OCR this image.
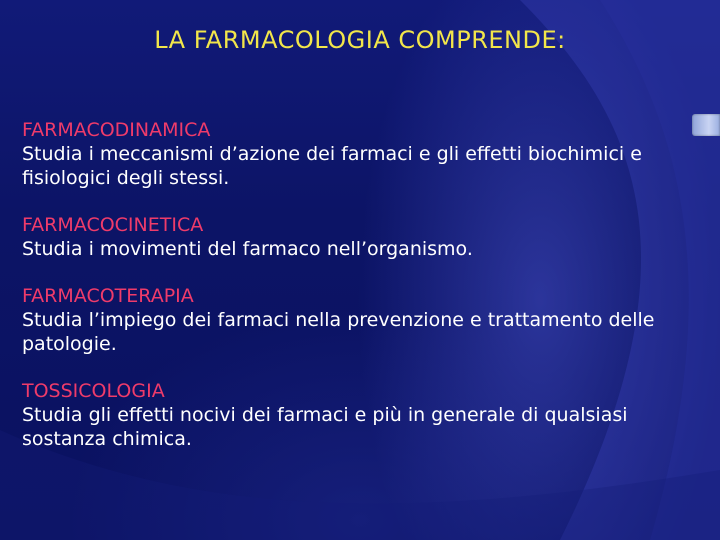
LA FARMACOLOGIA COMPRENDE:
FARMACODINAMICA
Studia i meccanismi d’azione dei farmaci e gli effetti biochimici e fisiologici degli stessi.
FARMACOCINETICA
Studia i movimenti del farmaco nell’organismo.
FARMACOTERAPIA
Studia l’impiego dei farmaci nella prevenzione e trattamento delle patologie.
TOSSICOLOGIA
Studia gli effetti nocivi dei farmaci e più in generale di qualsiasi sostanza chimica.
